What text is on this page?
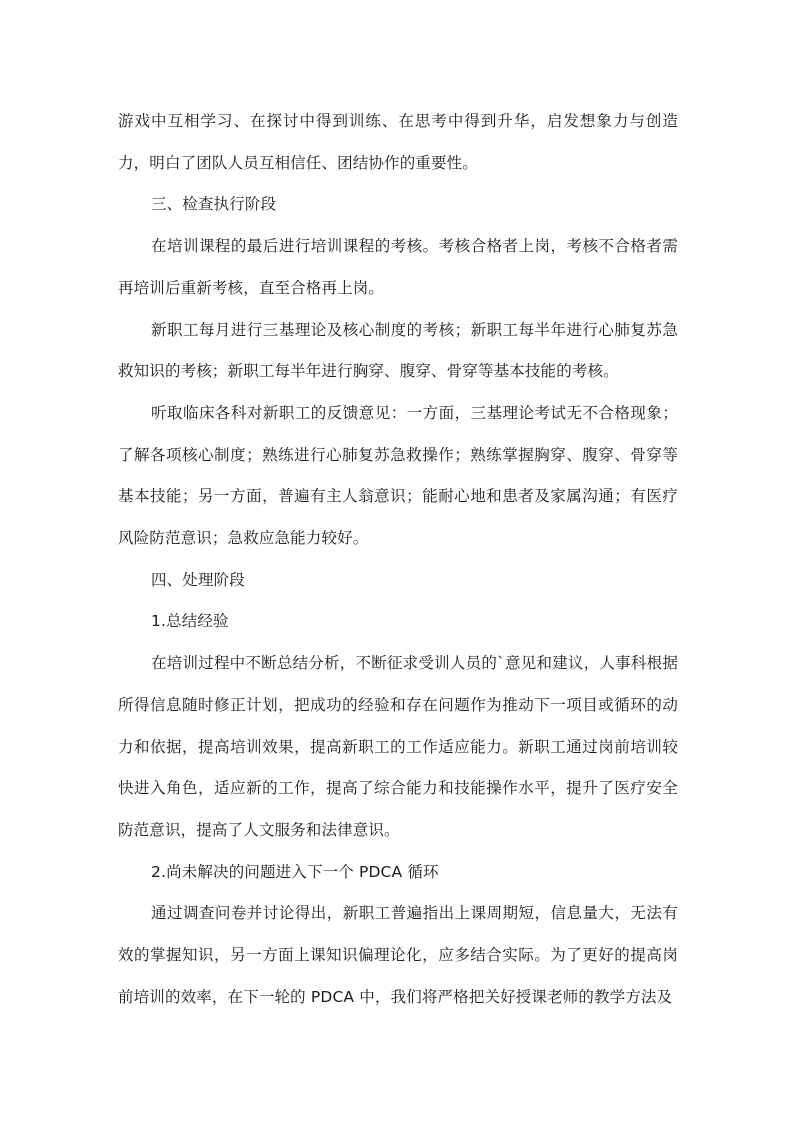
游戏中互相学习、在探讨中得到训练、在思考中得到升华，启发想象力与创造力，明白了团队人员互相信任、团结协作的重要性。

三、检查执行阶段

在培训课程的最后进行培训课程的考核。考核合格者上岗，考核不合格者需再培训后重新考核，直至合格再上岗。

新职工每月进行三基理论及核心制度的考核；新职工每半年进行心肺复苏急救知识的考核；新职工每半年进行胸穿、腹穿、骨穿等基本技能的考核。

听取临床各科对新职工的反馈意见：一方面，三基理论考试无不合格现象；了解各项核心制度；熟练进行心肺复苏急救操作；熟练掌握胸穿、腹穿、骨穿等基本技能；另一方面，普遍有主人翁意识；能耐心地和患者及家属沟通；有医疗风险防范意识；急救应急能力较好。

四、处理阶段

1.总结经验

在培训过程中不断总结分析，不断征求受训人员的`意见和建议，人事科根据所得信息随时修正计划，把成功的经验和存在问题作为推动下一项目或循环的动力和依据，提高培训效果，提高新职工的工作适应能力。新职工通过岗前培训较快进入角色，适应新的工作，提高了综合能力和技能操作水平，提升了医疗安全防范意识，提高了人文服务和法律意识。

2.尚未解决的问题进入下一个 PDCA 循环

通过调查问卷并讨论得出，新职工普遍指出上课周期短，信息量大，无法有效的掌握知识，另一方面上课知识偏理论化，应多结合实际。为了更好的提高岗前培训的效率，在下一轮的 PDCA 中，我们将严格把关好授课老师的教学方法及
